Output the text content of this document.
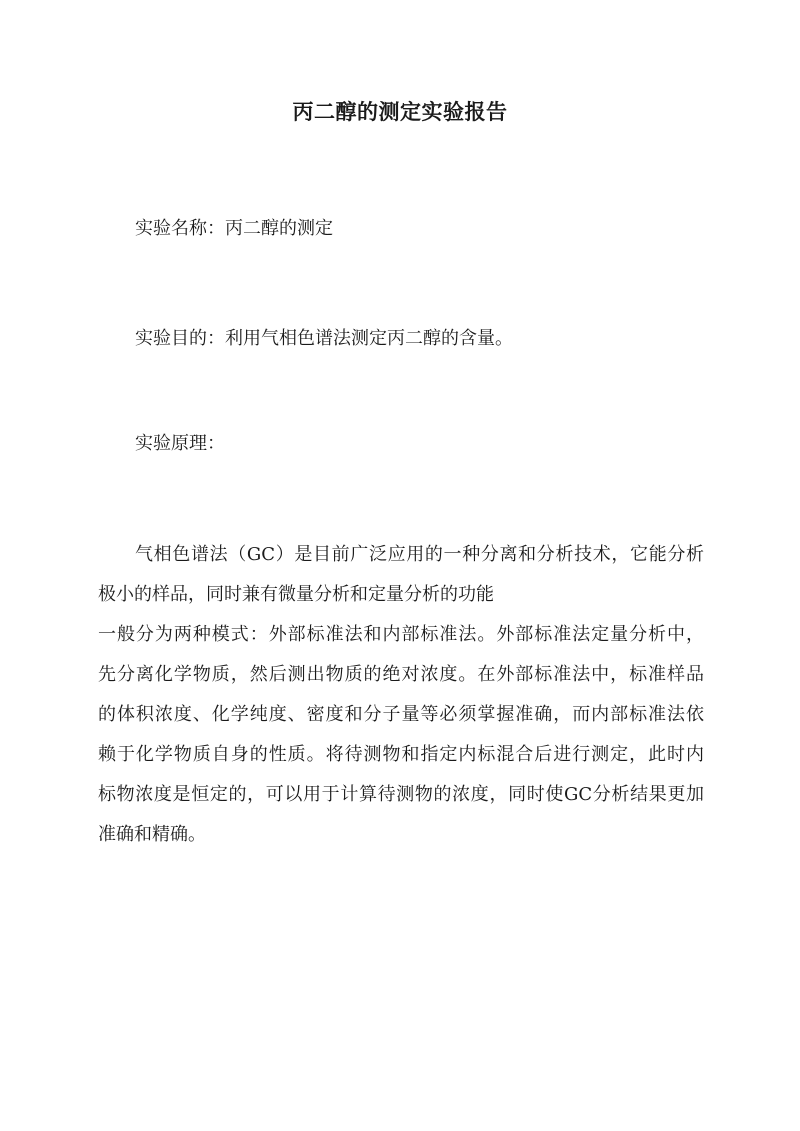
丙二醇的测定实验报告
实验名称：丙二醇的测定
实验目的：利用气相色谱法测定丙二醇的含量。
实验原理：
气相色谱法（GC）是目前广泛应用的一种分离和分析技术，它能分析
极小的样品，同时兼有微量分析和定量分析的功能
一般分为两种模式：外部标准法和内部标准法。外部标准法定量分析中，
先分离化学物质，然后测出物质的绝对浓度。在外部标准法中，标准样品
的体积浓度、化学纯度、密度和分子量等必须掌握准确，而内部标准法依
赖于化学物质自身的性质。将待测物和指定内标混合后进行测定，此时内
标物浓度是恒定的，可以用于计算待测物的浓度，同时使GC分析结果更加
准确和精确。
